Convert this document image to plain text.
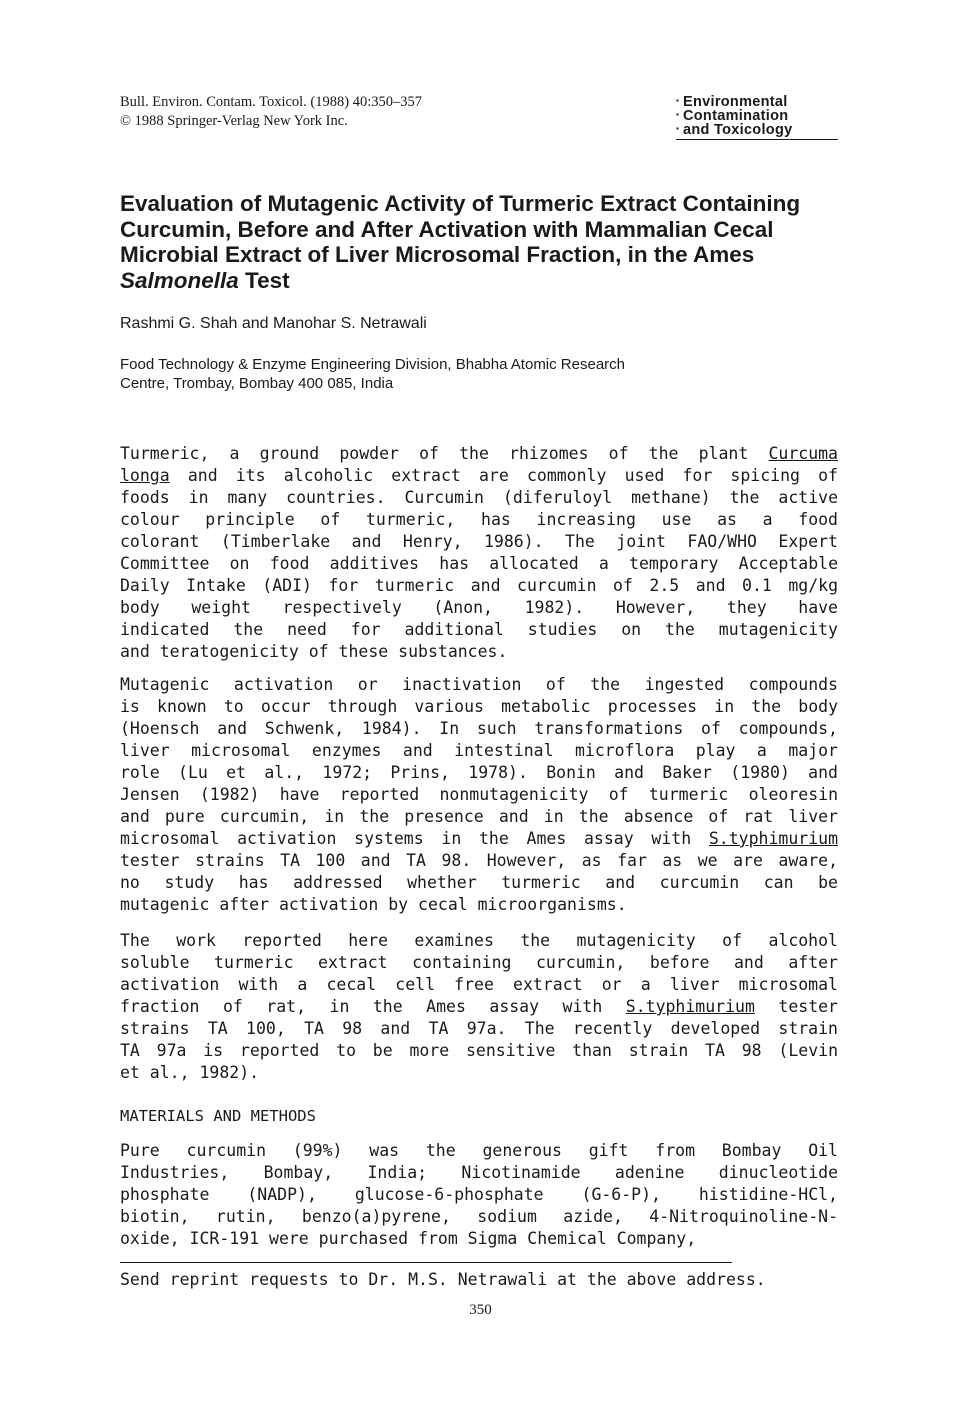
Bull. Environ. Contam. Toxicol. (1988) 40:350–357
© 1988 Springer-Verlag New York Inc.
▪ Environmental
▪ Contamination
▪ and Toxicology
Evaluation of Mutagenic Activity of Turmeric Extract Containing Curcumin, Before and After Activation with Mammalian Cecal Microbial Extract of Liver Microsomal Fraction, in the Ames Salmonella Test
Rashmi G. Shah and Manohar S. Netrawali
Food Technology & Enzyme Engineering Division, Bhabha Atomic Research
Centre, Trombay, Bombay 400 085, India

Turmeric, a ground powder of the rhizomes of the plant Curcuma
longa and its alcoholic extract are commonly used for spicing of
foods in many countries. Curcumin (diferuloyl methane) the active
colour principle of turmeric, has increasing use as a food
colorant (Timberlake and Henry, 1986). The joint FAO/WHO Expert
Committee on food additives has allocated a temporary Acceptable
Daily Intake (ADI) for turmeric and curcumin of 2.5 and 0.1 mg/kg
body weight respectively (Anon, 1982). However, they have
indicated the need for additional studies on the mutagenicity
and teratogenicity of these substances.

Mutagenic activation or inactivation of the ingested compounds
is known to occur through various metabolic processes in the body
(Hoensch and Schwenk, 1984). In such transformations of compounds,
liver microsomal enzymes and intestinal microflora play a major
role (Lu et al., 1972; Prins, 1978). Bonin and Baker (1980) and
Jensen (1982) have reported nonmutagenicity of turmeric oleoresin
and pure curcumin, in the presence and in the absence of rat liver
microsomal activation systems in the Ames assay with S.typhimurium
tester strains TA 100 and TA 98. However, as far as we are aware,
no study has addressed whether turmeric and curcumin can be
mutagenic after activation by cecal microorganisms.

The work reported here examines the mutagenicity of alcohol
soluble turmeric extract containing curcumin, before and after
activation with a cecal cell free extract or a liver microsomal
fraction of rat, in the Ames assay with S.typhimurium tester
strains TA 100, TA 98 and TA 97a. The recently developed strain
TA 97a is reported to be more sensitive than strain TA 98 (Levin
et al., 1982).

MATERIALS AND METHODS

Pure curcumin (99%) was the generous gift from Bombay Oil
Industries, Bombay, India; Nicotinamide adenine dinucleotide
phosphate (NADP), glucose-6-phosphate (G-6-P), histidine-HCl,
biotin, rutin, benzo(a)pyrene, sodium azide, 4-Nitroquinoline-N-
oxide, ICR-191 were purchased from Sigma Chemical Company,

Send reprint requests to Dr. M.S. Netrawali at the above address.
350
